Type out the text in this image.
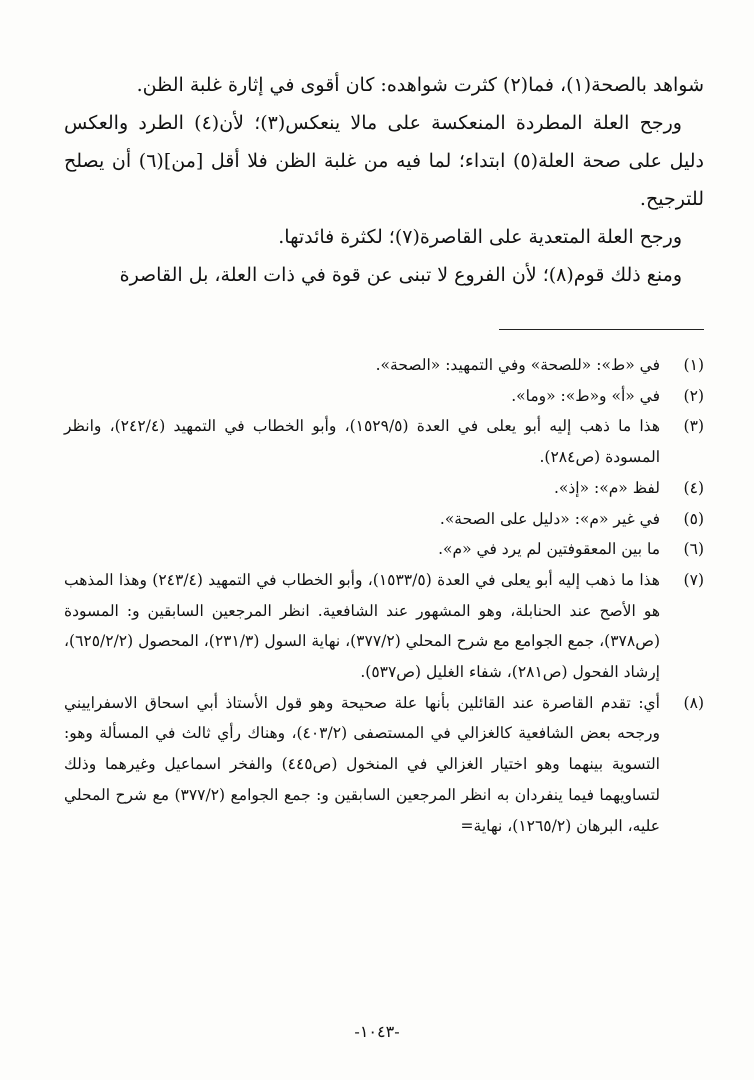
شواهد بالصحة(١)، فما(٢) كثرت شواهده: كان أقوى في إثارة غلبة الظن.

ورجح العلة المطردة المنعكسة على مالا ينعكس(٣)؛ لأن(٤) الطرد والعكس دليل على صحة العلة(٥) ابتداء؛ لما فيه من غلبة الظن فلا أقل [من](٦) أن يصلح للترجيح.

ورجح العلة المتعدية على القاصرة(٧)؛ لكثرة فائدتها.

ومنع ذلك قوم(٨)؛ لأن الفروع لا تبنى عن قوة في ذات العلة، بل القاصرة

(١)
في «ط»: «للصحة» وفي التمهيد: «الصحة».
(٢)
في «أ» و«ط»: «وما».
(٣)
هذا ما ذهب إليه أبو يعلى في العدة (١٥٢٩/٥)، وأبو الخطاب في التمهيد (٢٤٢/٤)، وانظر المسودة (ص٢٨٤).
(٤)
لفظ «م»: «إذ».
(٥)
في غير «م»: «دليل على الصحة».
(٦)
ما بين المعقوفتين لم يرد في «م».
(٧)
هذا ما ذهب إليه أبو يعلى في العدة (١٥٣٣/٥)، وأبو الخطاب في التمهيد (٢٤٣/٤) وهذا المذهب هو الأصح عند الحنابلة، وهو المشهور عند الشافعية. انظر المرجعين السابقين و: المسودة (ص٣٧٨)، جمع الجوامع مع شرح المحلي (٣٧٧/٢)، نهاية السول (٢٣١/٣)، المحصول (٦٢٥/٢/٢)، إرشاد الفحول (ص٢٨١)، شفاء الغليل (ص٥٣٧).
(٨)
أي: تقدم القاصرة عند القائلين بأنها علة صحيحة وهو قول الأستاذ أبي اسحاق الاسفراييني ورجحه بعض الشافعية كالغزالي في المستصفى (٤٠٣/٢)، وهناك رأي ثالث في المسألة وهو: التسوية بينهما وهو اختيار الغزالي في المنخول (ص٤٤٥) والفخر اسماعيل وغيرهما وذلك لتساويهما فيما ينفردان به انظر المرجعين السابقين و: جمع الجوامع (٣٧٧/٢) مع شرح المحلي عليه، البرهان (١٢٦٥/٢)، نهاية=
-١٠٤٣-
